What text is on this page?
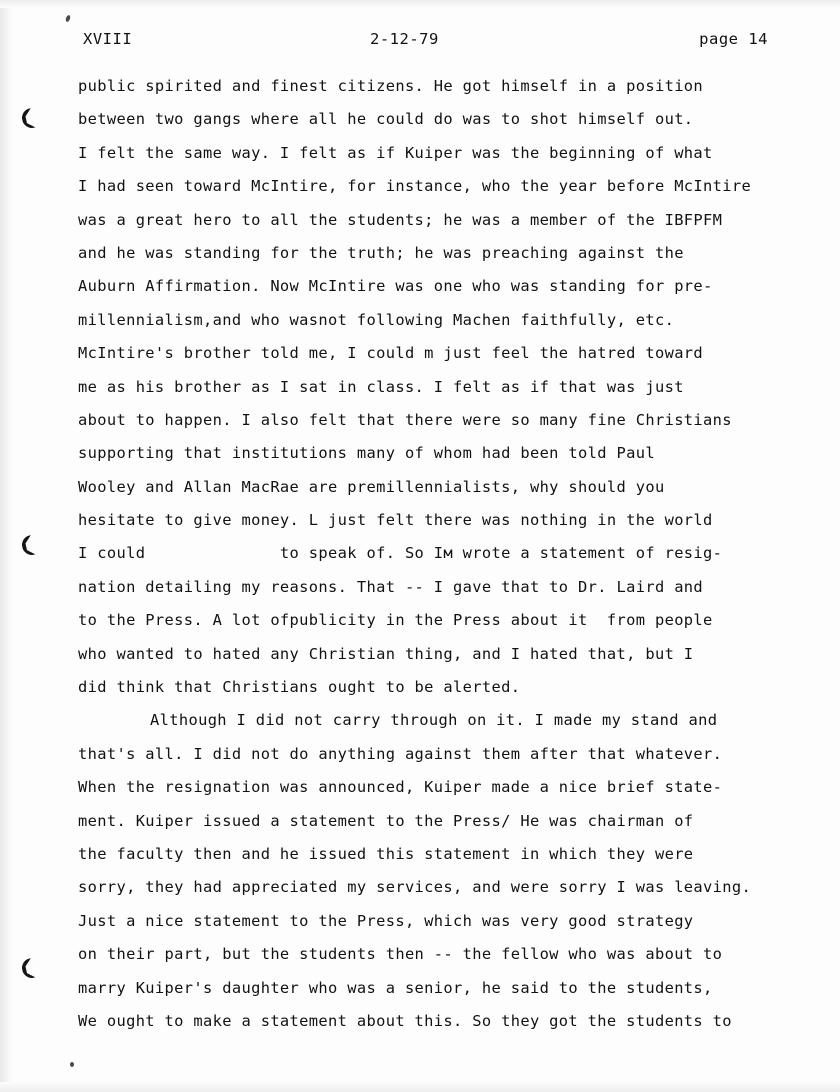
XVIII	2-12-79	page 14
public spirited and finest citizens. He got himself in a position
between two gangs where all he could do was to shot himself out.
I felt the same way. I felt as if Kuiper was the beginning of what
I had seen toward McIntire, for instance, who the year before McIntire
was a great hero to all the students; he was a member of the IBFPFM
and he was standing for the truth; he was preaching against the
Auburn Affirmation. Now McIntire was one who was standing for pre-
millennialism,and who wasnot following Machen faithfully, etc.
McIntire's brother told me, I could m just feel the hatred toward
me as his brother as I sat in class. I felt as if that was just
about to happen. I also felt that there were so many fine Christians
supporting that institutions many of whom had been told Paul
Woοley and Allan MacRae are premillennialists, why should you
hesitate to give money. L just felt there was nothing in the world
I could              to speak of. So Iм wrote a statement of resig-
nation detailing my reasons. That -- I gave that to Dr. Laird and
to the Press. A lot ofpublicity in the Press about it  from people
who wanted to hated any Christian thing, and I hated that, but I
did think that Christians ought to be alerted.
Although I did not carry through on it. I made my stand and
that's all. I did not do anything against them after that whatever.
When the resignation was announced, Kuiper made a nice brief state-
ment. Kuiper issued a statement to the Press/ He was chairman of
the faculty then and he issued this statement in which they were
sorry, they had appreciated my services, and were sorry I was leaving.
Just a nice statement to the Press, which was very good strategy
on their part, but the students then -- the fellow who was about to
marry Kuiper's daughter who was a senior, he said to the students,
We ought to make a statement about this. So they got the students to
